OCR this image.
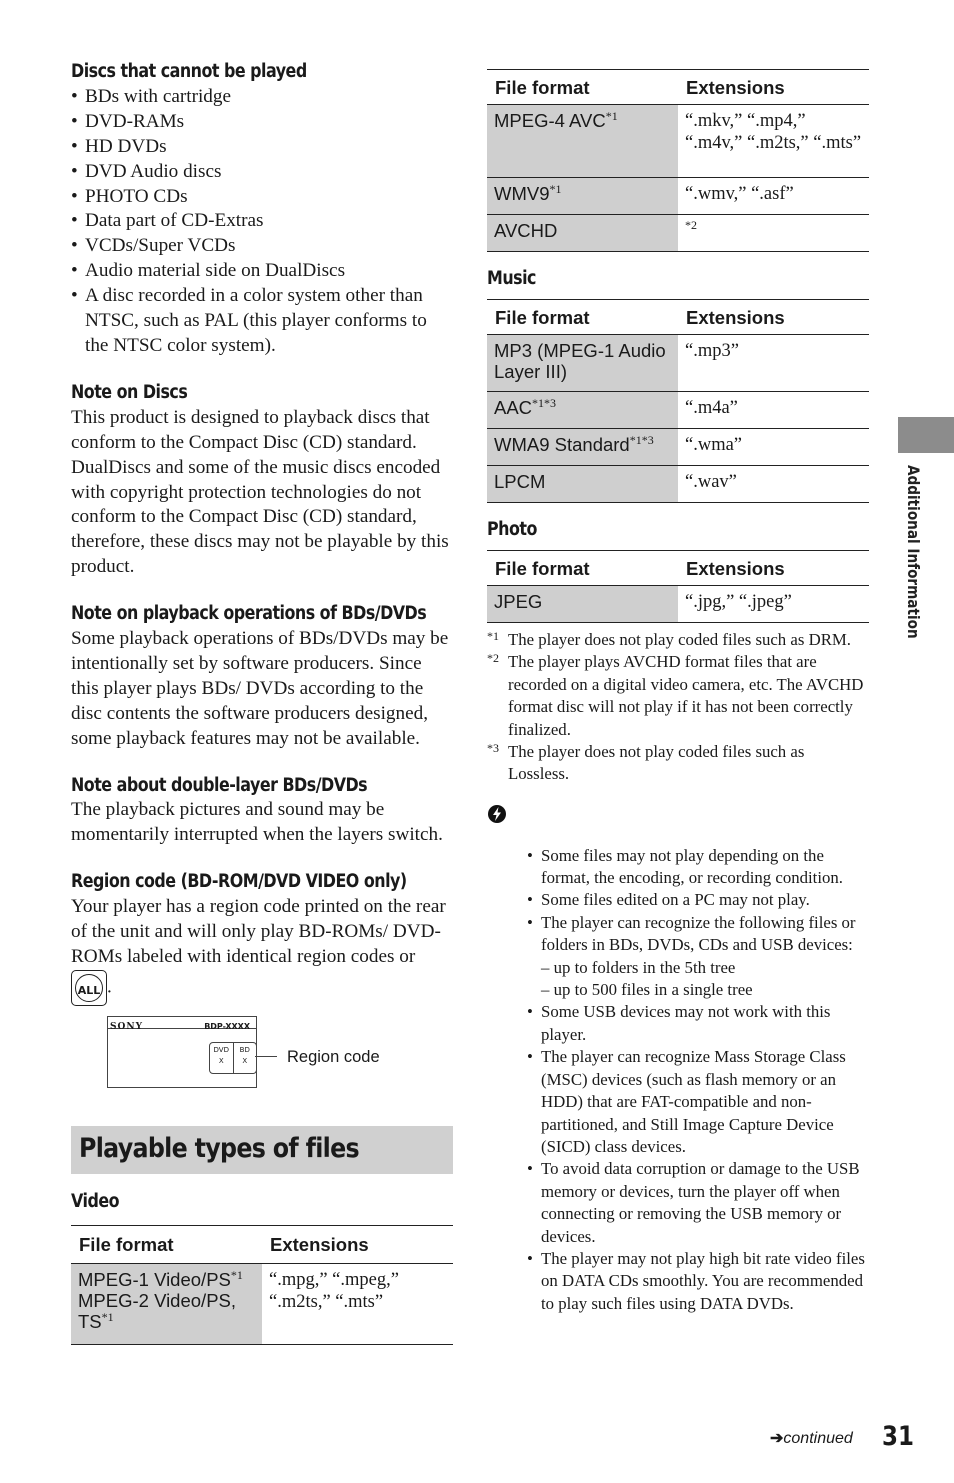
Discs that cannot be played
• BDs with cartridge
• DVD-RAMs
• HD DVDs
• DVD Audio discs
• PHOTO CDs
• Data part of CD-Extras
• VCDs/Super VCDs
• Audio material side on DualDiscs
• A disc recorded in a color system other than NTSC, such as PAL (this player conforms to the NTSC color system).
Note on Discs

This product is designed to playback discs that conform to the Compact Disc (CD) standard. DualDiscs and some of the music discs encoded with copyright protection technologies do not conform to the Compact Disc (CD) standard, therefore, these discs may not be playable by this product.

Note on playback operations of BDs/DVDs

Some playback operations of BDs/DVDs may be intentionally set by software producers. Since this player plays BDs/ DVDs according to the disc contents the software producers designed, some playback features may not be available.

Note about double-layer BDs/DVDs

The playback pictures and sound may be momentarily interrupted when the layers switch.

Region code (BD-ROM/DVD VIDEO only)

Your player has a region code printed on the rear of the unit and will only play BD-ROMs/ DVD-ROMs labeled with identical region codes or
ALL .

SONY	BDP-XXXX
DVD
X
BD
X	Region code
Playable types of files
Video
File format	Extensions
MPEG-1 Video/PS$^{*1}$
MPEG-2 Video/PS, TS$^{*1}$	“.mpg,” “.mpeg,” “.m2ts,” “.mts”
File format	Extensions
MPEG-4 AVC$^{*1}$	“.mkv,” “.mp4,” “.m4v,” “.m2ts,” “.mts”
WMV9$^{*1}$	“.wmv,” “.asf”
AVCHD	$^{*2}$
Music
File format	Extensions
MP3 (MPEG-1 Audio Layer III)	“.mp3”
$AAC^{*1*3}$	“.m4a”
WMA9 Standard$^{*1*3}$	“.wma”
LPCM	“.wav”
Photo
File format	Extensions
JPEG	“.jpg,” “.jpeg”
*1 The player does not play coded files such as DRM.
*2 The player plays AVCHD format files that are recorded on a digital video camera, etc. The AVCHD format disc will not play if it has not been correctly finalized.
*3 The player does not play coded files such as Lossless.
• Some files may not play depending on the format, the encoding, or recording condition.
• Some files edited on a PC may not play.
• The player can recognize the following files or folders in BDs, DVDs, CDs and USB devices:
– up to folders in the 5th tree
– up to 500 files in a single tree
• Some USB devices may not work with this player.
• The player can recognize Mass Storage Class (MSC) devices (such as flash memory or an HDD) that are FAT-compatible and non-partitioned, and Still Image Capture Device (SICD) class devices.
• To avoid data corruption or damage to the USB memory or devices, turn the player off when connecting or removing the USB memory or devices.
• The player may not play high bit rate video files on DATA CDs smoothly. You are recommended to play such files using DATA DVDs.
Additional Information
➔continued 31
